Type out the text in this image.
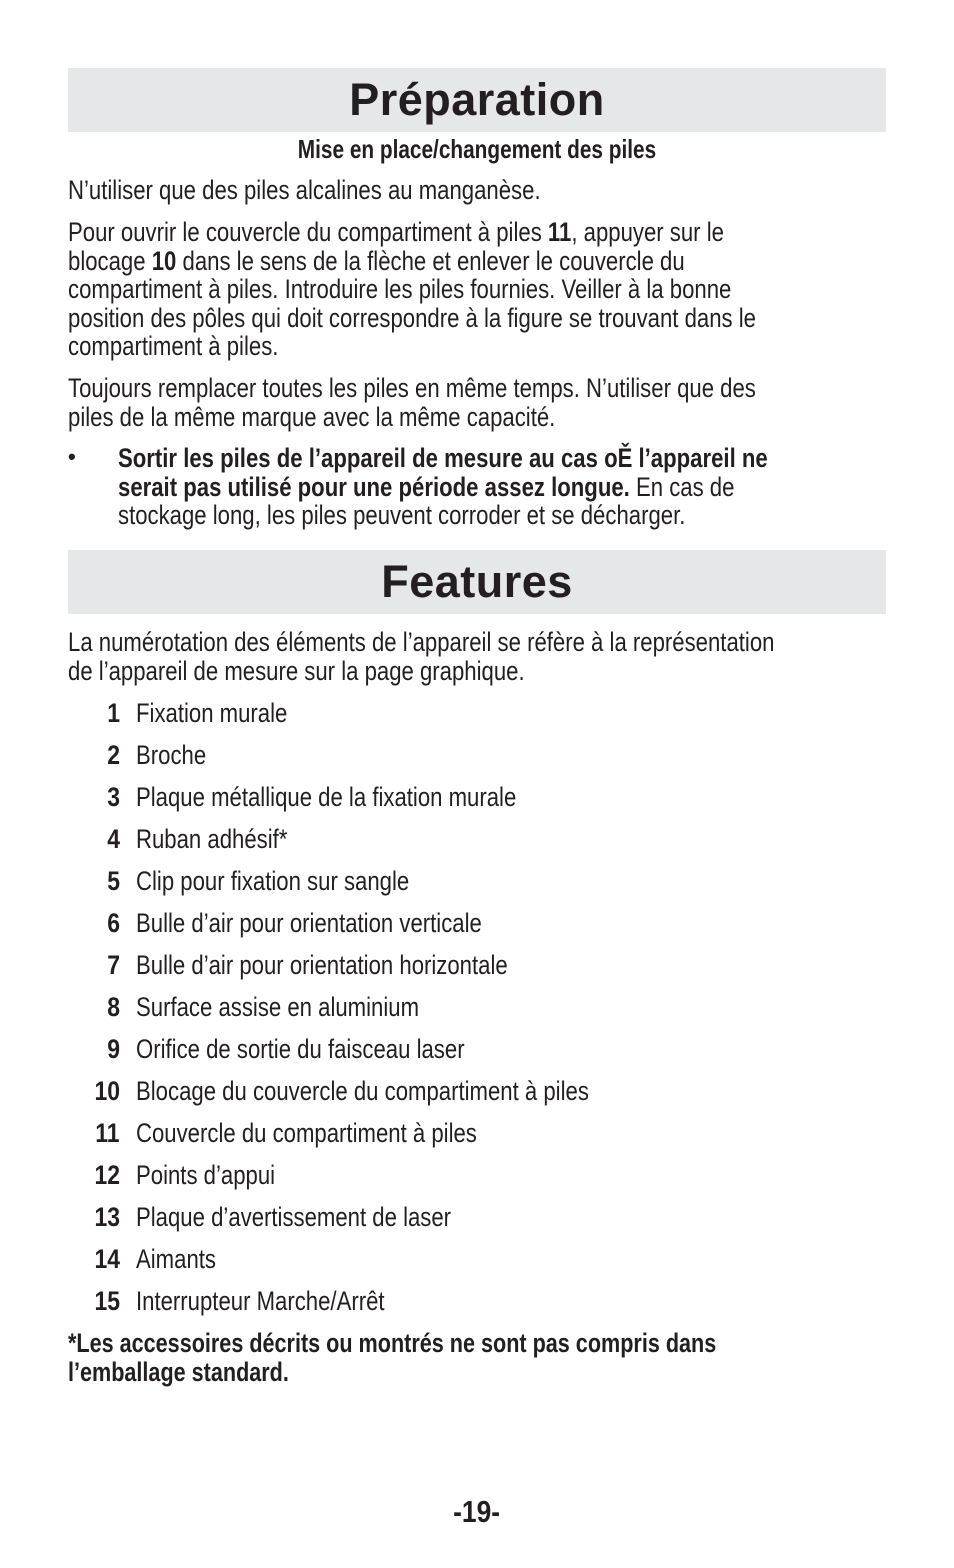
Préparation
Mise en place/changement des piles
N’utiliser que des piles alcalines au manganèse.
Pour ouvrir le couvercle du compartiment à piles 11, appuyer sur le
blocage 10 dans le sens de la flèche et enlever le couvercle du
compartiment à piles. Introduire les piles fournies. Veiller à la bonne
position des pôles qui doit correspondre à la figure se trouvant dans le
compartiment à piles.
Toujours remplacer toutes les piles en même temps. N’utiliser que des
piles de la même marque avec la même capacité.
• Sortir les piles de l’appareil de mesure au cas oĚ l’appareil ne
serait pas utilisé pour une période assez longue. En cas de
stockage long, les piles peuvent corroder et se décharger.
Features
La numérotation des éléments de l’appareil se réfère à la représentation
de l’appareil de mesure sur la page graphique.
1 Fixation murale
2 Broche
3 Plaque métallique de la fixation murale
4 Ruban adhésif*
5 Clip pour fixation sur sangle
6 Bulle d’air pour orientation verticale
7 Bulle d’air pour orientation horizontale
8 Surface assise en aluminium
9 Orifice de sortie du faisceau laser
10 Blocage du couvercle du compartiment à piles
11 Couvercle du compartiment à piles
12 Points d’appui
13 Plaque d’avertissement de laser
14 Aimants
15 Interrupteur Marche/Arrêt
*Les accessoires décrits ou montrés ne sont pas compris dans
l’emballage standard.
-19-
